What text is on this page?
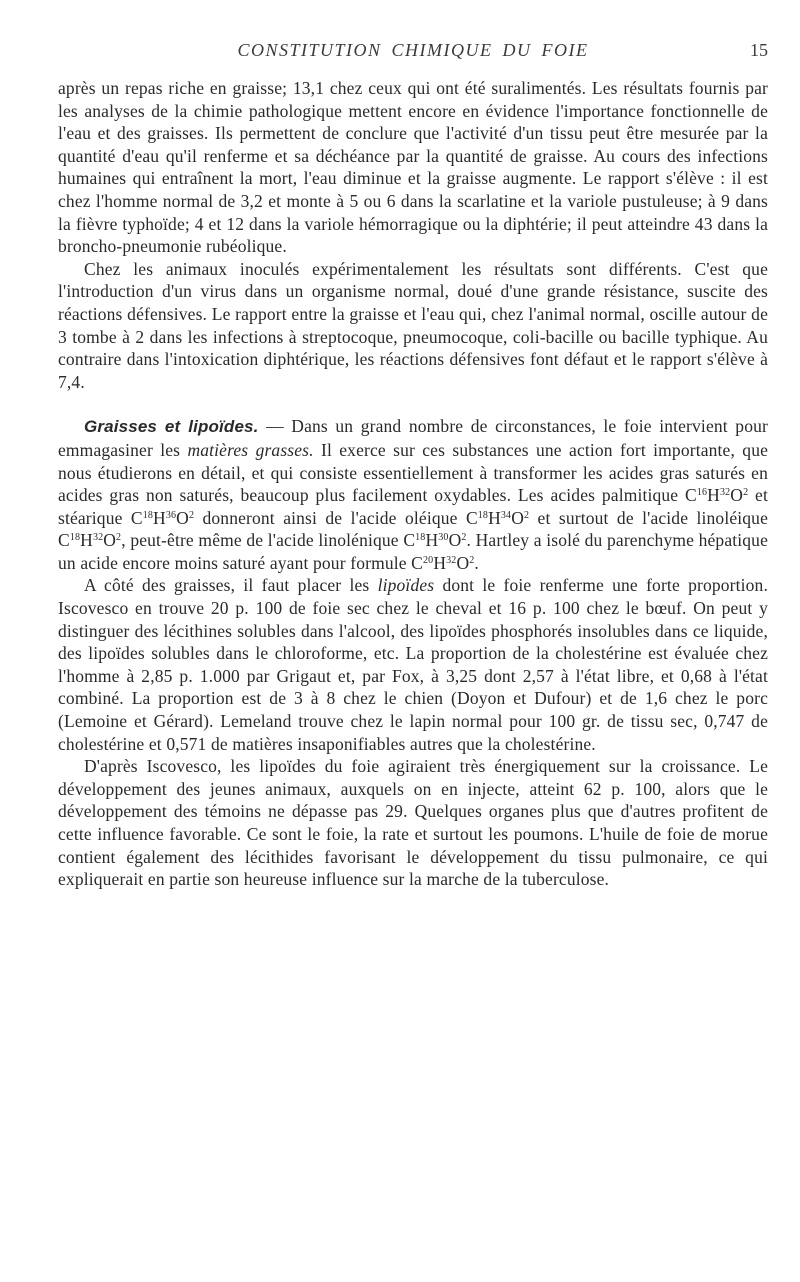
CONSTITUTION CHIMIQUE DU FOIE	15

après un repas riche en graisse; 13,1 chez ceux qui ont été suralimentés. Les résultats fournis par les analyses de la chimie pathologique mettent encore en évidence l'importance fonctionnelle de l'eau et des graisses. Ils permettent de conclure que l'activité d'un tissu peut être mesurée par la quantité d'eau qu'il renferme et sa déchéance par la quantité de graisse. Au cours des infections humaines qui entraînent la mort, l'eau diminue et la graisse augmente. Le rapport s'élève : il est chez l'homme normal de 3,2 et monte à 5 ou 6 dans la scarlatine et la variole pustuleuse; à 9 dans la fièvre typhoïde; 4 et 12 dans la variole hémorragique ou la diphtérie; il peut atteindre 43 dans la broncho-pneumonie rubéolique.

Chez les animaux inoculés expérimentalement les résultats sont différents. C'est que l'introduction d'un virus dans un organisme normal, doué d'une grande résistance, suscite des réactions défensives. Le rapport entre la graisse et l'eau qui, chez l'animal normal, oscille autour de 3 tombe à 2 dans les infections à streptocoque, pneumocoque, coli-bacille ou bacille typhique. Au contraire dans l'intoxication diphtérique, les réactions défensives font défaut et le rapport s'élève à 7,4.

Graisses et lipoïdes. — Dans un grand nombre de circonstances, le foie intervient pour emmagasiner les matières grasses. Il exerce sur ces substances une action fort importante, que nous étudierons en détail, et qui consiste essentiellement à transformer les acides gras saturés en acides gras non saturés, beaucoup plus facilement oxydables. Les acides palmitique $C^{16}H^{32}O^2$ et stéarique $C^{18}H^{36}O^2$ donneront ainsi de l'acide oléique $C^{18}H^{34}O^2$ et surtout de l'acide linoléique $C^{18}H^{32}O^2$, peut-être même de l'acide linolénique $C^{18}H^{30}O^2$. Hartley a isolé du parenchyme hépatique un acide encore moins saturé ayant pour formule $C^{20}H^{32}O^2$.

A côté des graisses, il faut placer les lipoïdes dont le foie renferme une forte proportion. Iscovesco en trouve 20 p. 100 de foie sec chez le cheval et 16 p. 100 chez le bœuf. On peut y distinguer des lécithines solubles dans l'alcool, des lipoïdes phosphorés insolubles dans ce liquide, des lipoïdes solubles dans le chloroforme, etc. La proportion de la cholestérine est évaluée chez l'homme à 2,85 p. 1.000 par Grigaut et, par Fox, à 3,25 dont 2,57 à l'état libre, et 0,68 à l'état combiné. La proportion est de 3 à 8 chez le chien (Doyon et Dufour) et de 1,6 chez le porc (Lemoine et Gérard). Lemeland trouve chez le lapin normal pour 100 gr. de tissu sec, 0,747 de cholestérine et 0,571 de matières insaponifiables autres que la cholestérine.

D'après Iscovesco, les lipoïdes du foie agiraient très énergiquement sur la croissance. Le développement des jeunes animaux, auxquels on en injecte, atteint 62 p. 100, alors que le développement des témoins ne dépasse pas 29. Quelques organes plus que d'autres profitent de cette influence favorable. Ce sont le foie, la rate et surtout les poumons. L'huile de foie de morue contient également des lécithides favorisant le développement du tissu pulmonaire, ce qui expliquerait en partie son heureuse influence sur la marche de la tuberculose.
